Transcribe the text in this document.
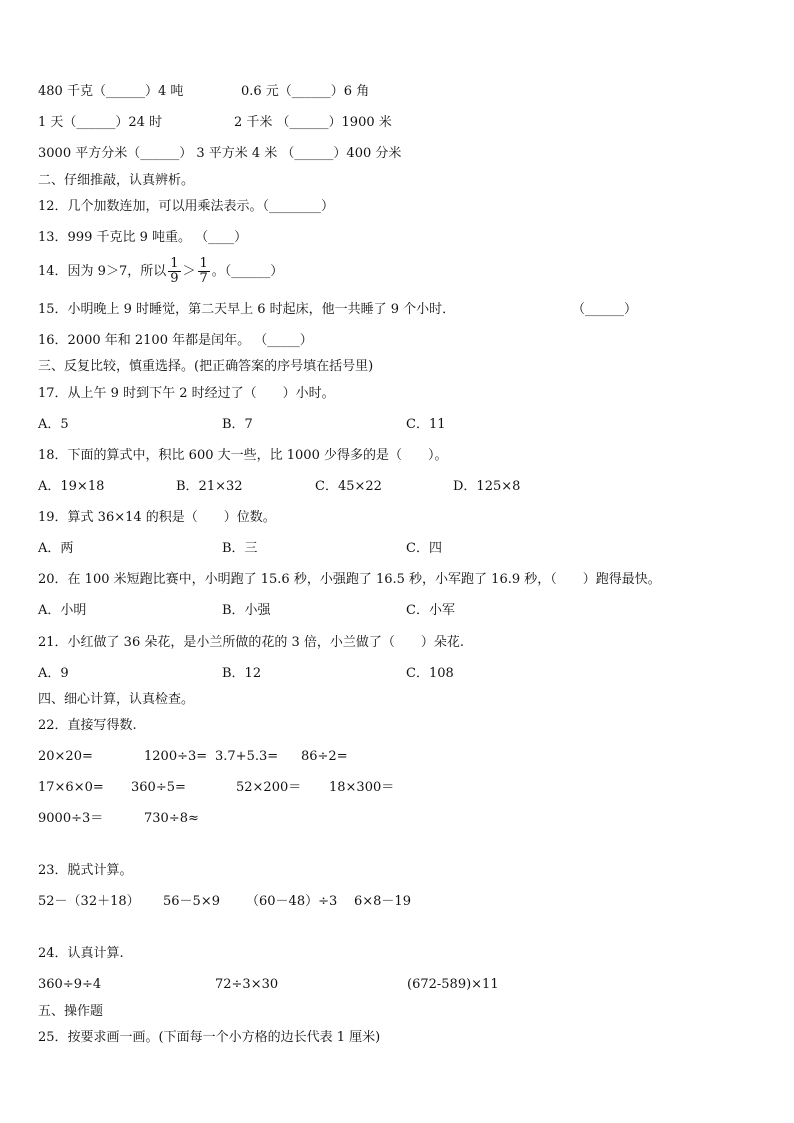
480 千克（______）4 吨	0.6 元（______）6 角
1 天（______）24 时	2 千米 （______）1900 米
3000 平方分米（______） 3 平方米 4 米 （______）400 分米
二、仔细推敲，认真辨析。
12．几个加数连加，可以用乘法表示。（________）
13．999 千克比 9 吨重。 （____）
14．因为 9＞7，所以 $\frac{1}{9} > \frac{1}{7}$ 。（______）
15．小明晚上 9 时睡觉，第二天早上 6 时起床，他一共睡了 9 个小时．	（______）
16．2000 年和 2100 年都是闰年。 （_____）
三、反复比较，慎重选择。(把正确答案的序号填在括号里)
17．从上午 9 时到下午 2 时经过了（　　）小时。
A．5	B．7	C．11
18．下面的算式中，积比 600 大一些，比 1000 少得多的是（　　）。
A．19×18	B．21×32	C．45×22	D．125×8
19．算式 36×14 的积是（　　）位数。
A．两	B．三	C．四
20．在 100 米短跑比赛中，小明跑了 15.6 秒，小强跑了 16.5 秒，小军跑了 16.9 秒，（　　）跑得最快。
A．小明	B．小强	C．小军
21．小红做了 36 朵花，是小兰所做的花的 3 倍，小兰做了（　　）朵花.
A．9	B．12	C．108
四、细心计算，认真检查。
22．直接写得数.
20×20=	1200÷3= 3.7+5.3= 86÷2=
17×6×0= 360÷5=	52×200＝ 18×300＝
9000÷3＝	730÷8≈
23．脱式计算。
52－（32＋18） 56－5×9 （60－48）÷3 6×8－19
24．认真计算.
360÷9÷4	72÷3×30	(672-589)×11
五、操作题
25．按要求画一画。(下面每一个小方格的边长代表 1 厘米)
